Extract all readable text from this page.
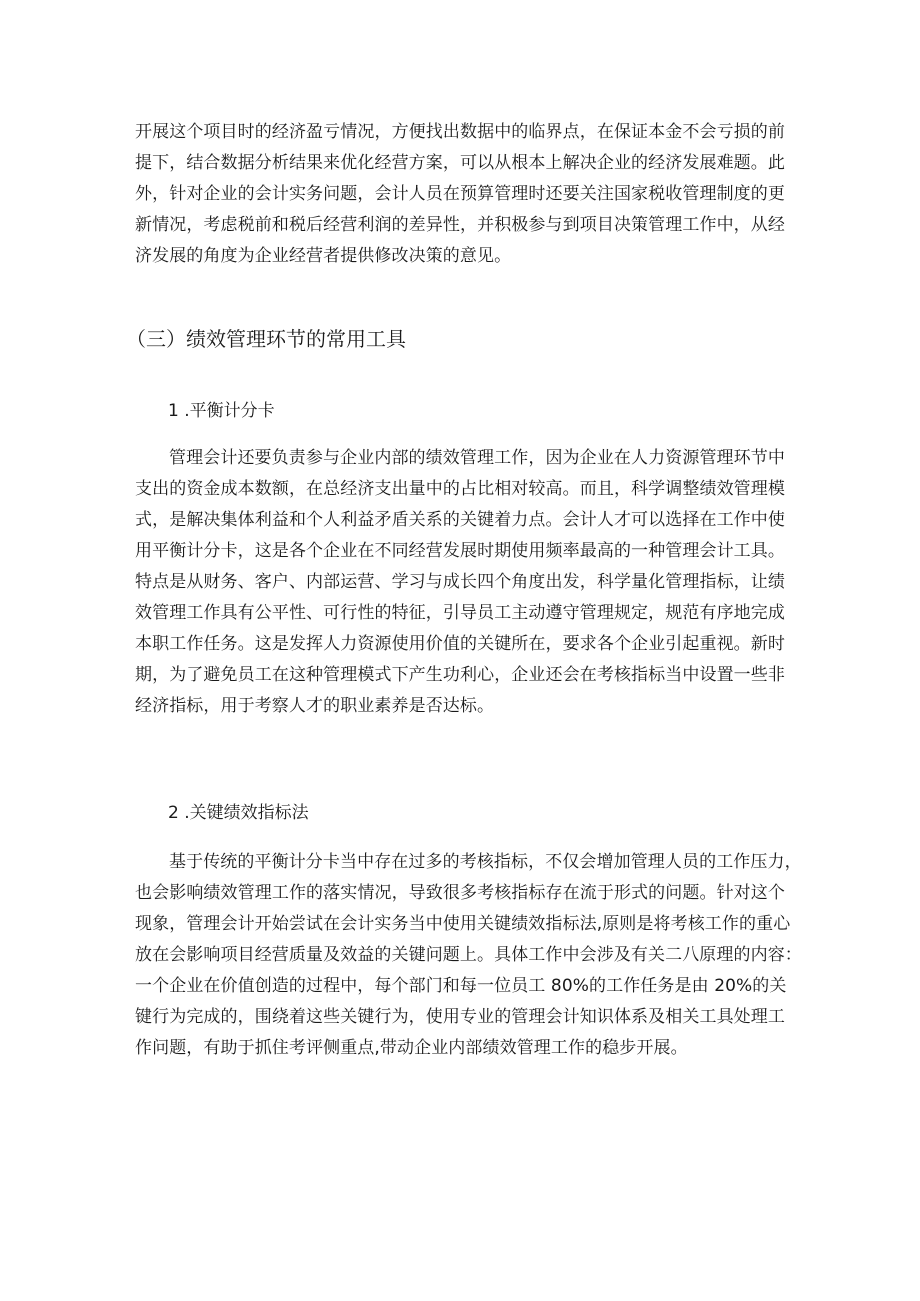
开展这个项目时的经济盈亏情况，方便找出数据中的临界点，在保证本金不会亏损的前
提下，结合数据分析结果来优化经营方案，可以从根本上解决企业的经济发展难题。此
外，针对企业的会计实务问题，会计人员在预算管理时还要关注国家税收管理制度的更
新情况，考虑税前和税后经营利润的差异性，并积极参与到项目决策管理工作中，从经
济发展的角度为企业经营者提供修改决策的意见。
（三）绩效管理环节的常用工具
1 .平衡计分卡
管理会计还要负责参与企业内部的绩效管理工作，因为企业在人力资源管理环节中
支出的资金成本数额，在总经济支出量中的占比相对较高。而且，科学调整绩效管理模
式，是解决集体利益和个人利益矛盾关系的关键着力点。会计人才可以选择在工作中使
用平衡计分卡，这是各个企业在不同经营发展时期使用频率最高的一种管理会计工具。
特点是从财务、客户、内部运营、学习与成长四个角度出发，科学量化管理指标，让绩
效管理工作具有公平性、可行性的特征，引导员工主动遵守管理规定，规范有序地完成
本职工作任务。这是发挥人力资源使用价值的关键所在，要求各个企业引起重视。新时
期，为了避免员工在这种管理模式下产生功利心，企业还会在考核指标当中设置一些非
经济指标，用于考察人才的职业素养是否达标。
2 .关键绩效指标法
基于传统的平衡计分卡当中存在过多的考核指标，不仅会增加管理人员的工作压力，
也会影响绩效管理工作的落实情况，导致很多考核指标存在流于形式的问题。针对这个
现象，管理会计开始尝试在会计实务当中使用关键绩效指标法,原则是将考核工作的重心
放在会影响项目经营质量及效益的关键问题上。具体工作中会涉及有关二八原理的内容：
一个企业在价值创造的过程中，每个部门和每一位员工 80%的工作任务是由 20%的关
键行为完成的，围绕着这些关键行为，使用专业的管理会计知识体系及相关工具处理工
作问题，有助于抓住考评侧重点,带动企业内部绩效管理工作的稳步开展。
